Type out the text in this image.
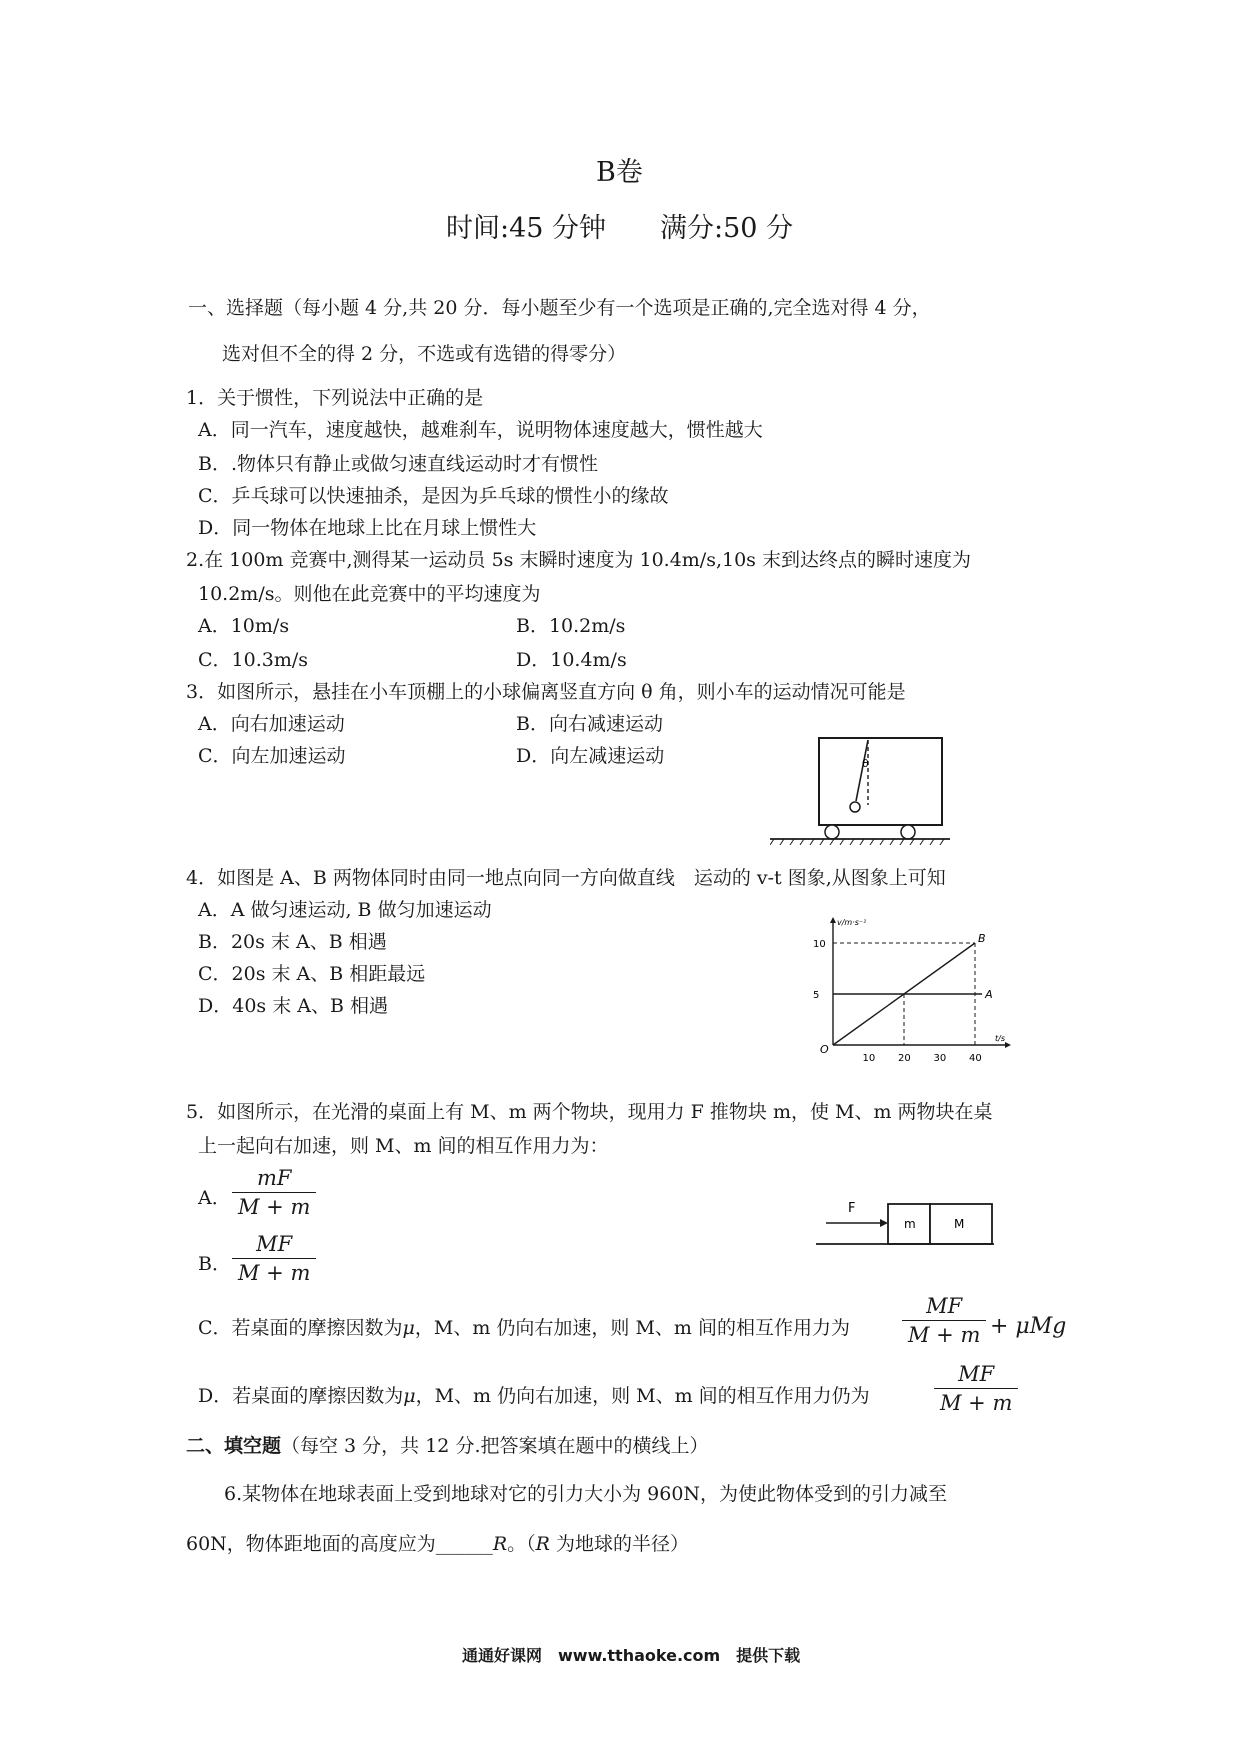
B卷
时间:45 分钟　　满分:50 分
一、选择题（每小题 4 分,共 20 分．每小题至少有一个选项是正确的,完全选对得 4 分，
选对但不全的得 2 分，不选或有选错的得零分）
1．关于惯性，下列说法中正确的是
A．同一汽车，速度越快，越难刹车，说明物体速度越大，惯性越大
B．.物体只有静止或做匀速直线运动时才有惯性
C．乒乓球可以快速抽杀，是因为乒乓球的惯性小的缘故
D．同一物体在地球上比在月球上惯性大
2.在 100m 竞赛中,测得某一运动员 5s 末瞬时速度为 10.4m/s,10s 末到达终点的瞬时速度为
10.2m/s。则他在此竞赛中的平均速度为
A．10m/s	B．10.2m/s
C．10.3m/s	D．10.4m/s
3．如图所示，悬挂在小车顶棚上的小球偏离竖直方向 θ 角，则小车的运动情况可能是
A．向右加速运动	B．向右减速运动
C．向左加速运动	D．向左减速运动	θ
4．如图是 A、B 两物体同时由同一地点向同一方向做直线　运动的 v-t 图象,从图象上可知
A．A 做匀速运动, B 做匀加速运动
B．20s 末 A、B 相遇
C．20s 末 A、B 相距最远
D．40s 末 A、B 相遇
v/m·s⁻¹
t/s
O
10 20 30 40
5
10
A
B
5．如图所示，在光滑的桌面上有 M、m 两个物块，现用力 F 推物块 m，使 M、m 两物块在桌
上一起向右加速，则 M、m 间的相互作用力为：
A．
mF
M + m
B．
MF
M + m
F
m	M
C．若桌面的摩擦因数为μ，M、m 仍向右加速，则 M、m 间的相互作用力为
MF
M + m + μMg
D．若桌面的摩擦因数为μ，M、m 仍向右加速，则 M、m 间的相互作用力仍为
MF
M + m
二、填空题（每空 3 分，共 12 分.把答案填在题中的横线上）
6.某物体在地球表面上受到地球对它的引力大小为 960N，为使此物体受到的引力减至
60N，物体距地面的高度应为______R。（R 为地球的半径）
通通好课网　www.tthaoke.com　提供下载
